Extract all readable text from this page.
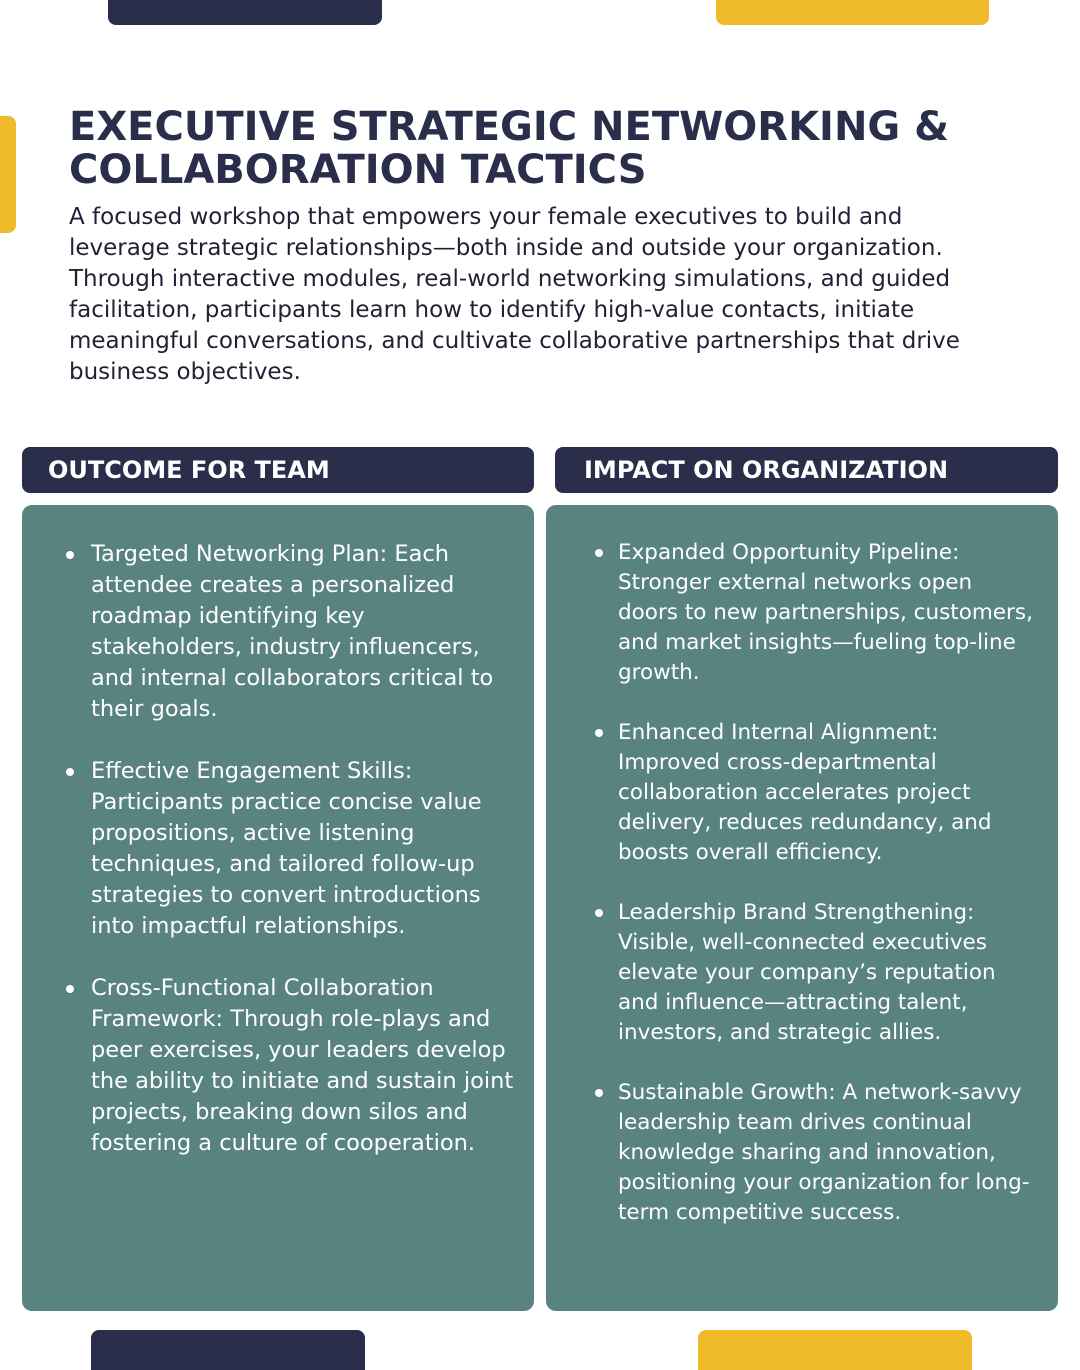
EXECUTIVE STRATEGIC NETWORKING & COLLABORATION TACTICS

A focused workshop that empowers your female executives to build and leverage strategic relationships—both inside and outside your organization. Through interactive modules, real-world networking simulations, and guided facilitation, participants learn how to identify high-value contacts, initiate meaningful conversations, and cultivate collaborative partnerships that drive business objectives.

OUTCOME FOR TEAM	IMPACT ON ORGANIZATION
Targeted Networking Plan: Each attendee creates a personalized roadmap identifying key stakeholders, industry influencers, and internal collaborators critical to their goals.
Effective Engagement Skills: Participants practice concise value propositions, active listening techniques, and tailored follow-up strategies to convert introductions into impactful relationships.
Cross-Functional Collaboration Framework: Through role-plays and peer exercises, your leaders develop the ability to initiate and sustain joint projects, breaking down silos and fostering a culture of cooperation.
Expanded Opportunity Pipeline: Stronger external networks open doors to new partnerships, customers, and market insights—fueling top-line growth.
Enhanced Internal Alignment: Improved cross-departmental collaboration accelerates project delivery, reduces redundancy, and boosts overall efficiency.
Leadership Brand Strengthening: Visible, well-connected executives elevate your company’s reputation and influence—attracting talent, investors, and strategic allies.
Sustainable Growth: A network-savvy leadership team drives continual knowledge sharing and innovation, positioning your organization for long-term competitive success.
